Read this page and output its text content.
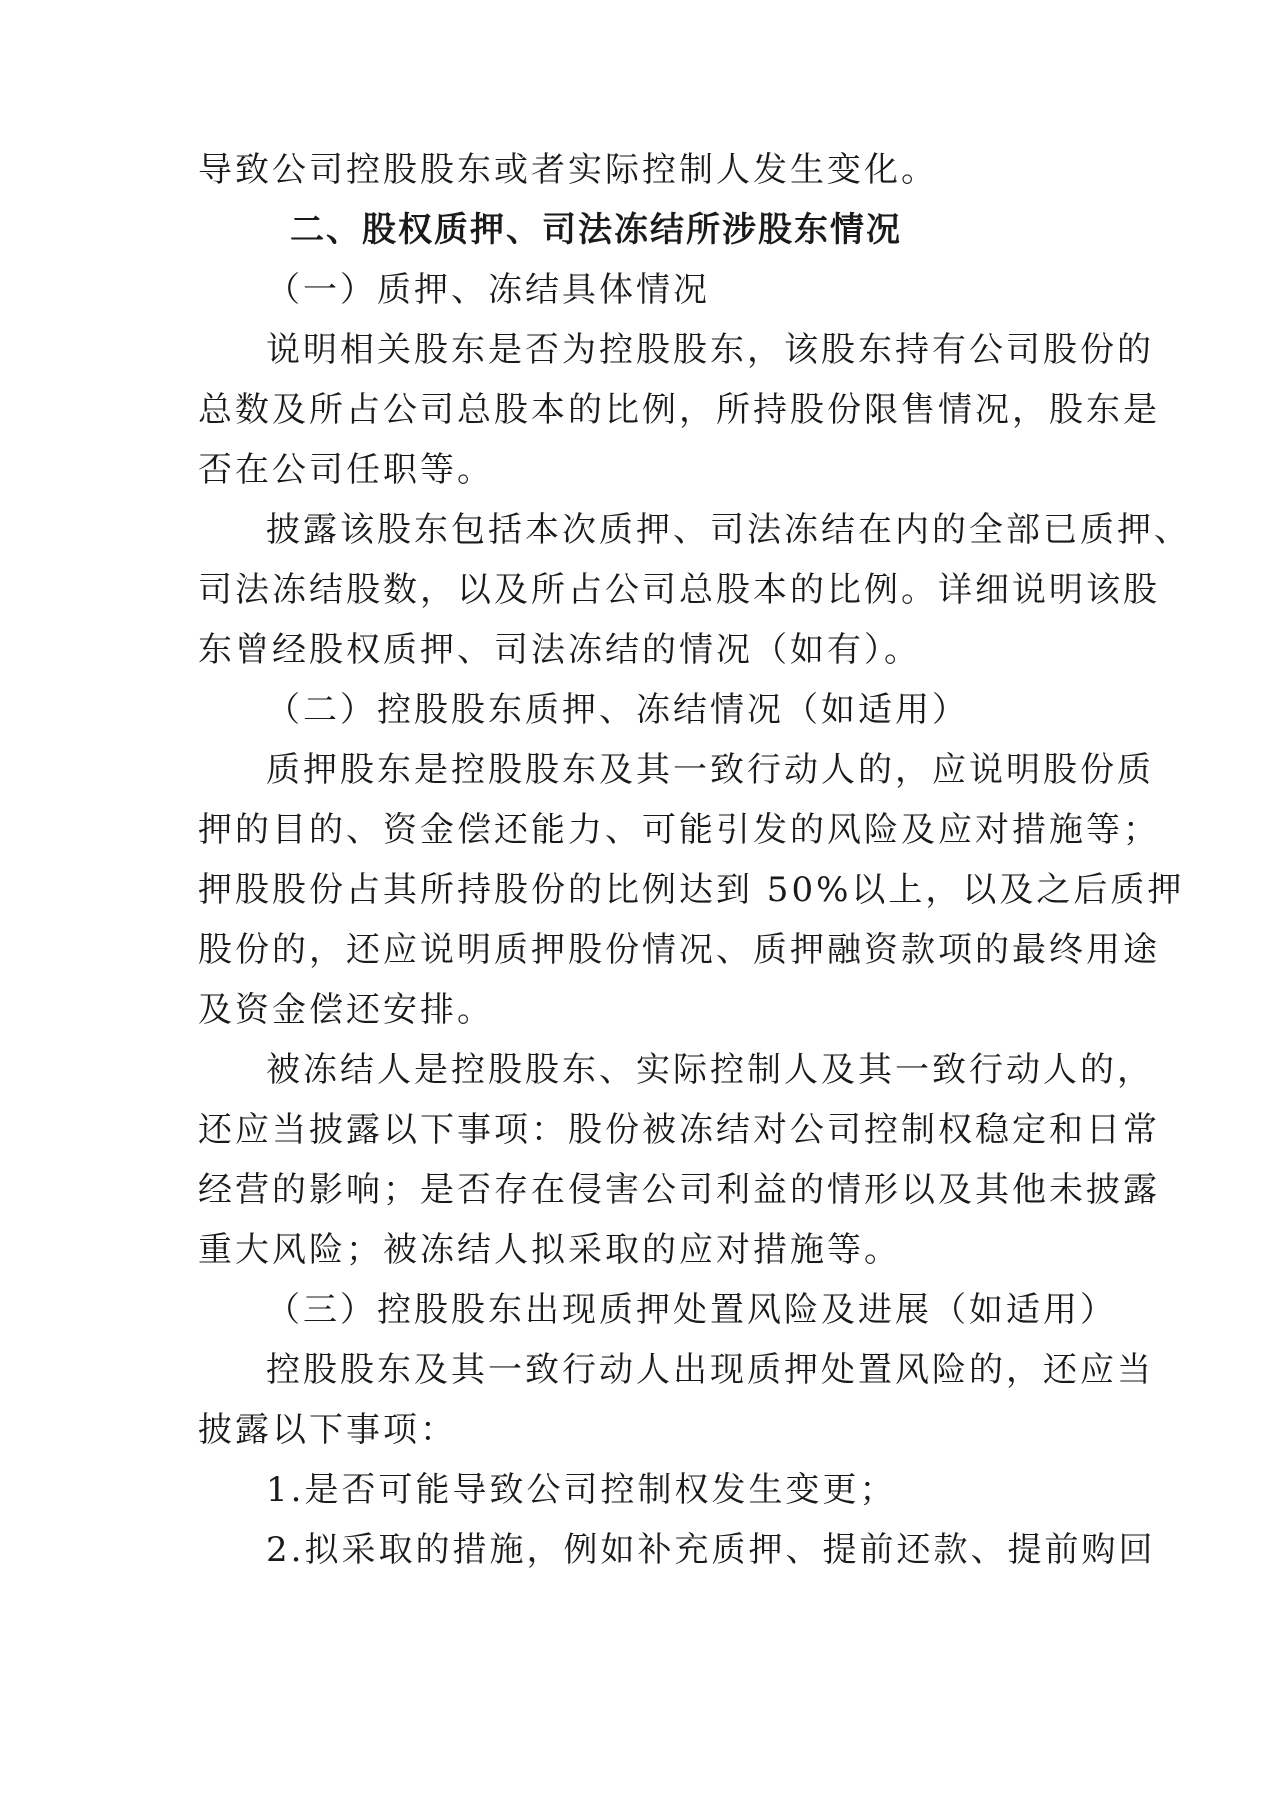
导致公司控股股东或者实际控制人发生变化。
二、股权质押、司法冻结所涉股东情况
（一）质押、冻结具体情况
说明相关股东是否为控股股东，该股东持有公司股份的
总数及所占公司总股本的比例，所持股份限售情况，股东是
否在公司任职等。
披露该股东包括本次质押、司法冻结在内的全部已质押、
司法冻结股数，以及所占公司总股本的比例。详细说明该股
东曾经股权质押、司法冻结的情况（如有）。
（二）控股股东质押、冻结情况（如适用）
质押股东是控股股东及其一致行动人的，应说明股份质
押的目的、资金偿还能力、可能引发的风险及应对措施等；
押股股份占其所持股份的比例达到 50%以上，以及之后质押
股份的，还应说明质押股份情况、质押融资款项的最终用途
及资金偿还安排。
被冻结人是控股股东、实际控制人及其一致行动人的，
还应当披露以下事项：股份被冻结对公司控制权稳定和日常
经营的影响；是否存在侵害公司利益的情形以及其他未披露
重大风险；被冻结人拟采取的应对措施等。
（三）控股股东出现质押处置风险及进展（如适用）
控股股东及其一致行动人出现质押处置风险的，还应当
披露以下事项：
1.是否可能导致公司控制权发生变更；
2.拟采取的措施，例如补充质押、提前还款、提前购回
